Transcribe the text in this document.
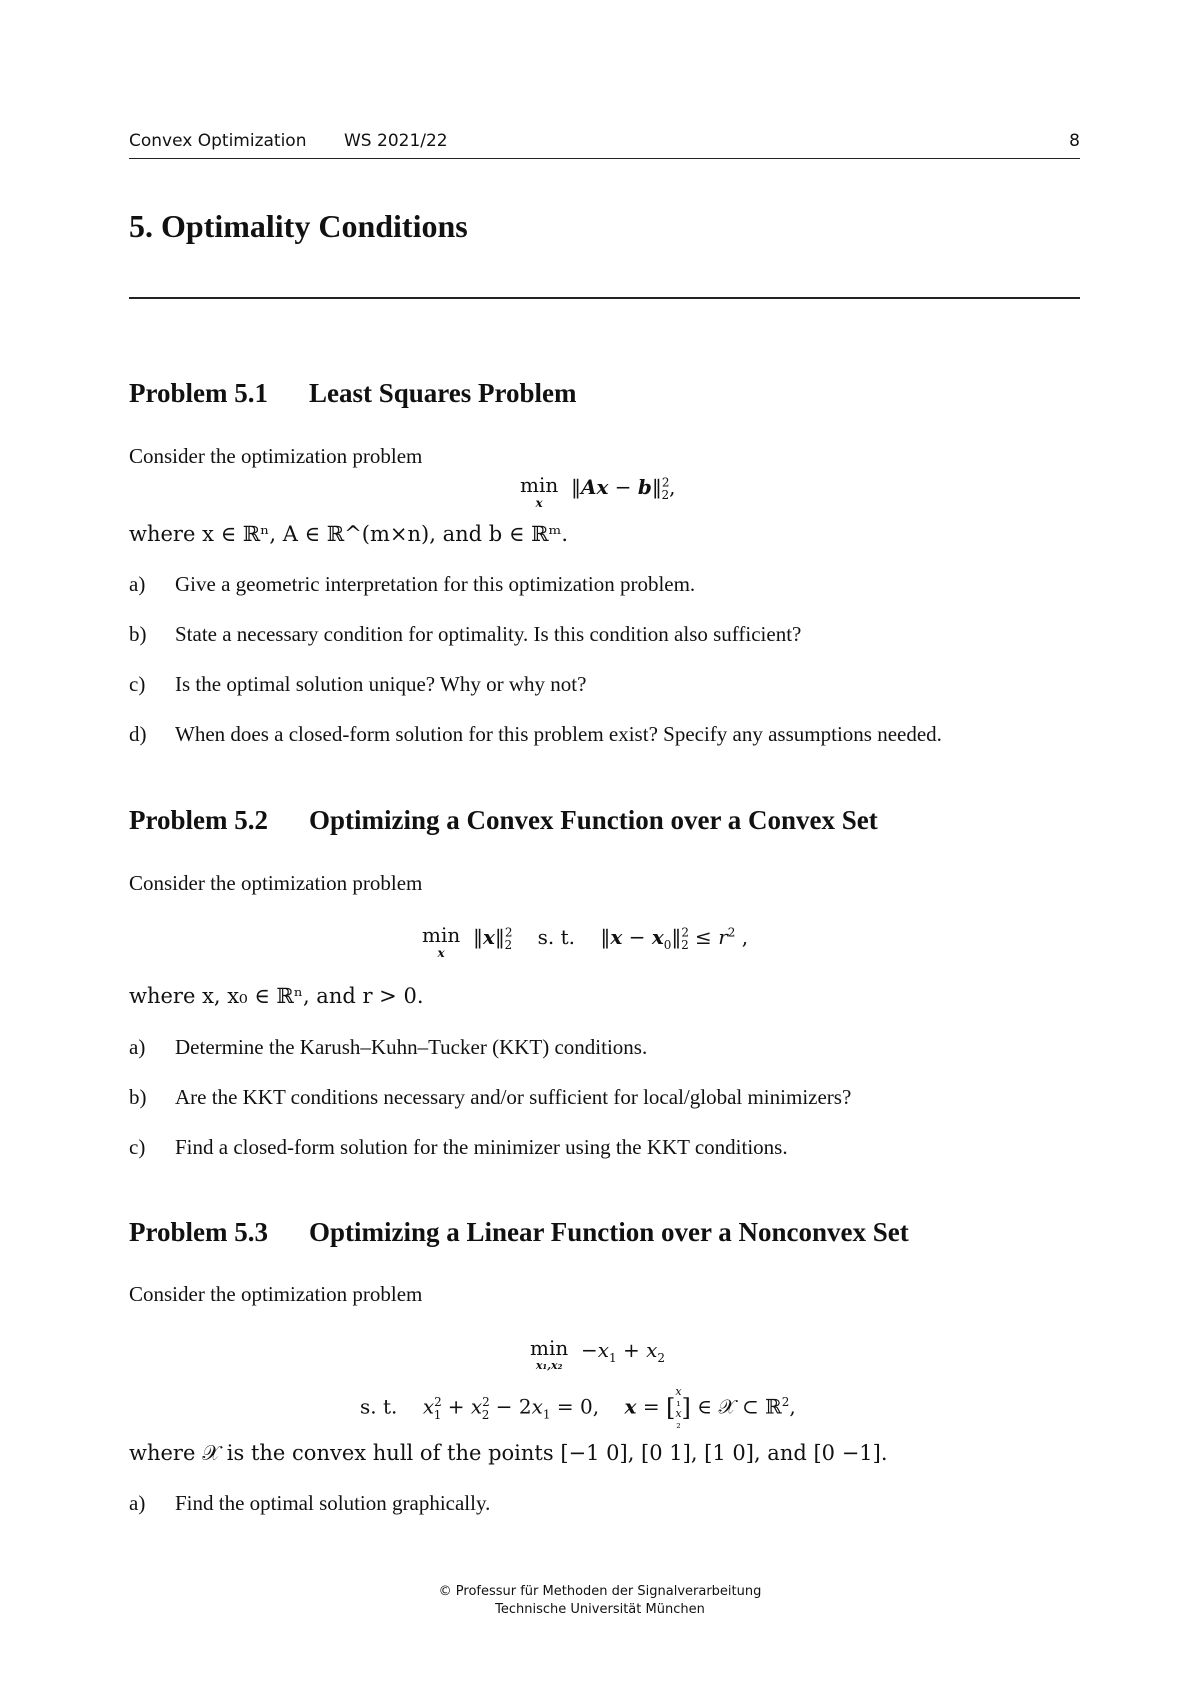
Convex Optimization WS 2021/22	8
5. Optimality Conditions
Problem 5.1 Least Squares Problem
Consider the optimization problem
min
x
‖Ax − b‖$^2_2$,
where x ∈ ℝⁿ, A ∈ ℝ^(m×n), and b ∈ ℝᵐ.
a) Give a geometric interpretation for this optimization problem.
b) State a necessary condition for optimality. Is this condition also sufficient?
c) Is the optimal solution unique? Why or why not?
d) When does a closed-form solution for this problem exist? Specify any assumptions needed.
Problem 5.2 Optimizing a Convex Function over a Convex Set
Consider the optimization problem
min
x
‖x‖$^2_2$    s. t.    ‖x − $x_0‖^2_2 \le r^2$ ,
where x, x₀ ∈ ℝⁿ, and r > 0.
a) Determine the Karush–Kuhn–Tucker (KKT) conditions.
b) Are the KKT conditions necessary and/or sufficient for local/global minimizers?
c) Find a closed-form solution for the minimizer using the KKT conditions.
Problem 5.3 Optimizing a Linear Function over a Nonconvex Set
Consider the optimization problem
min
x₁,x₂
$-x_1 + x_2$
s. t.    $x^2_1 + x^2_2 - 2x_1 = 0$,    x = [
x
₁
x
₂] ∈ 𝒳 ⊂ ℝ$^2$,
where 𝒳 is the convex hull of the points [−1 0], [0 1], [1 0], and [0 −1].
a) Find the optimal solution graphically.
© Professur für Methoden der Signalverarbeitung
Technische Universität München
